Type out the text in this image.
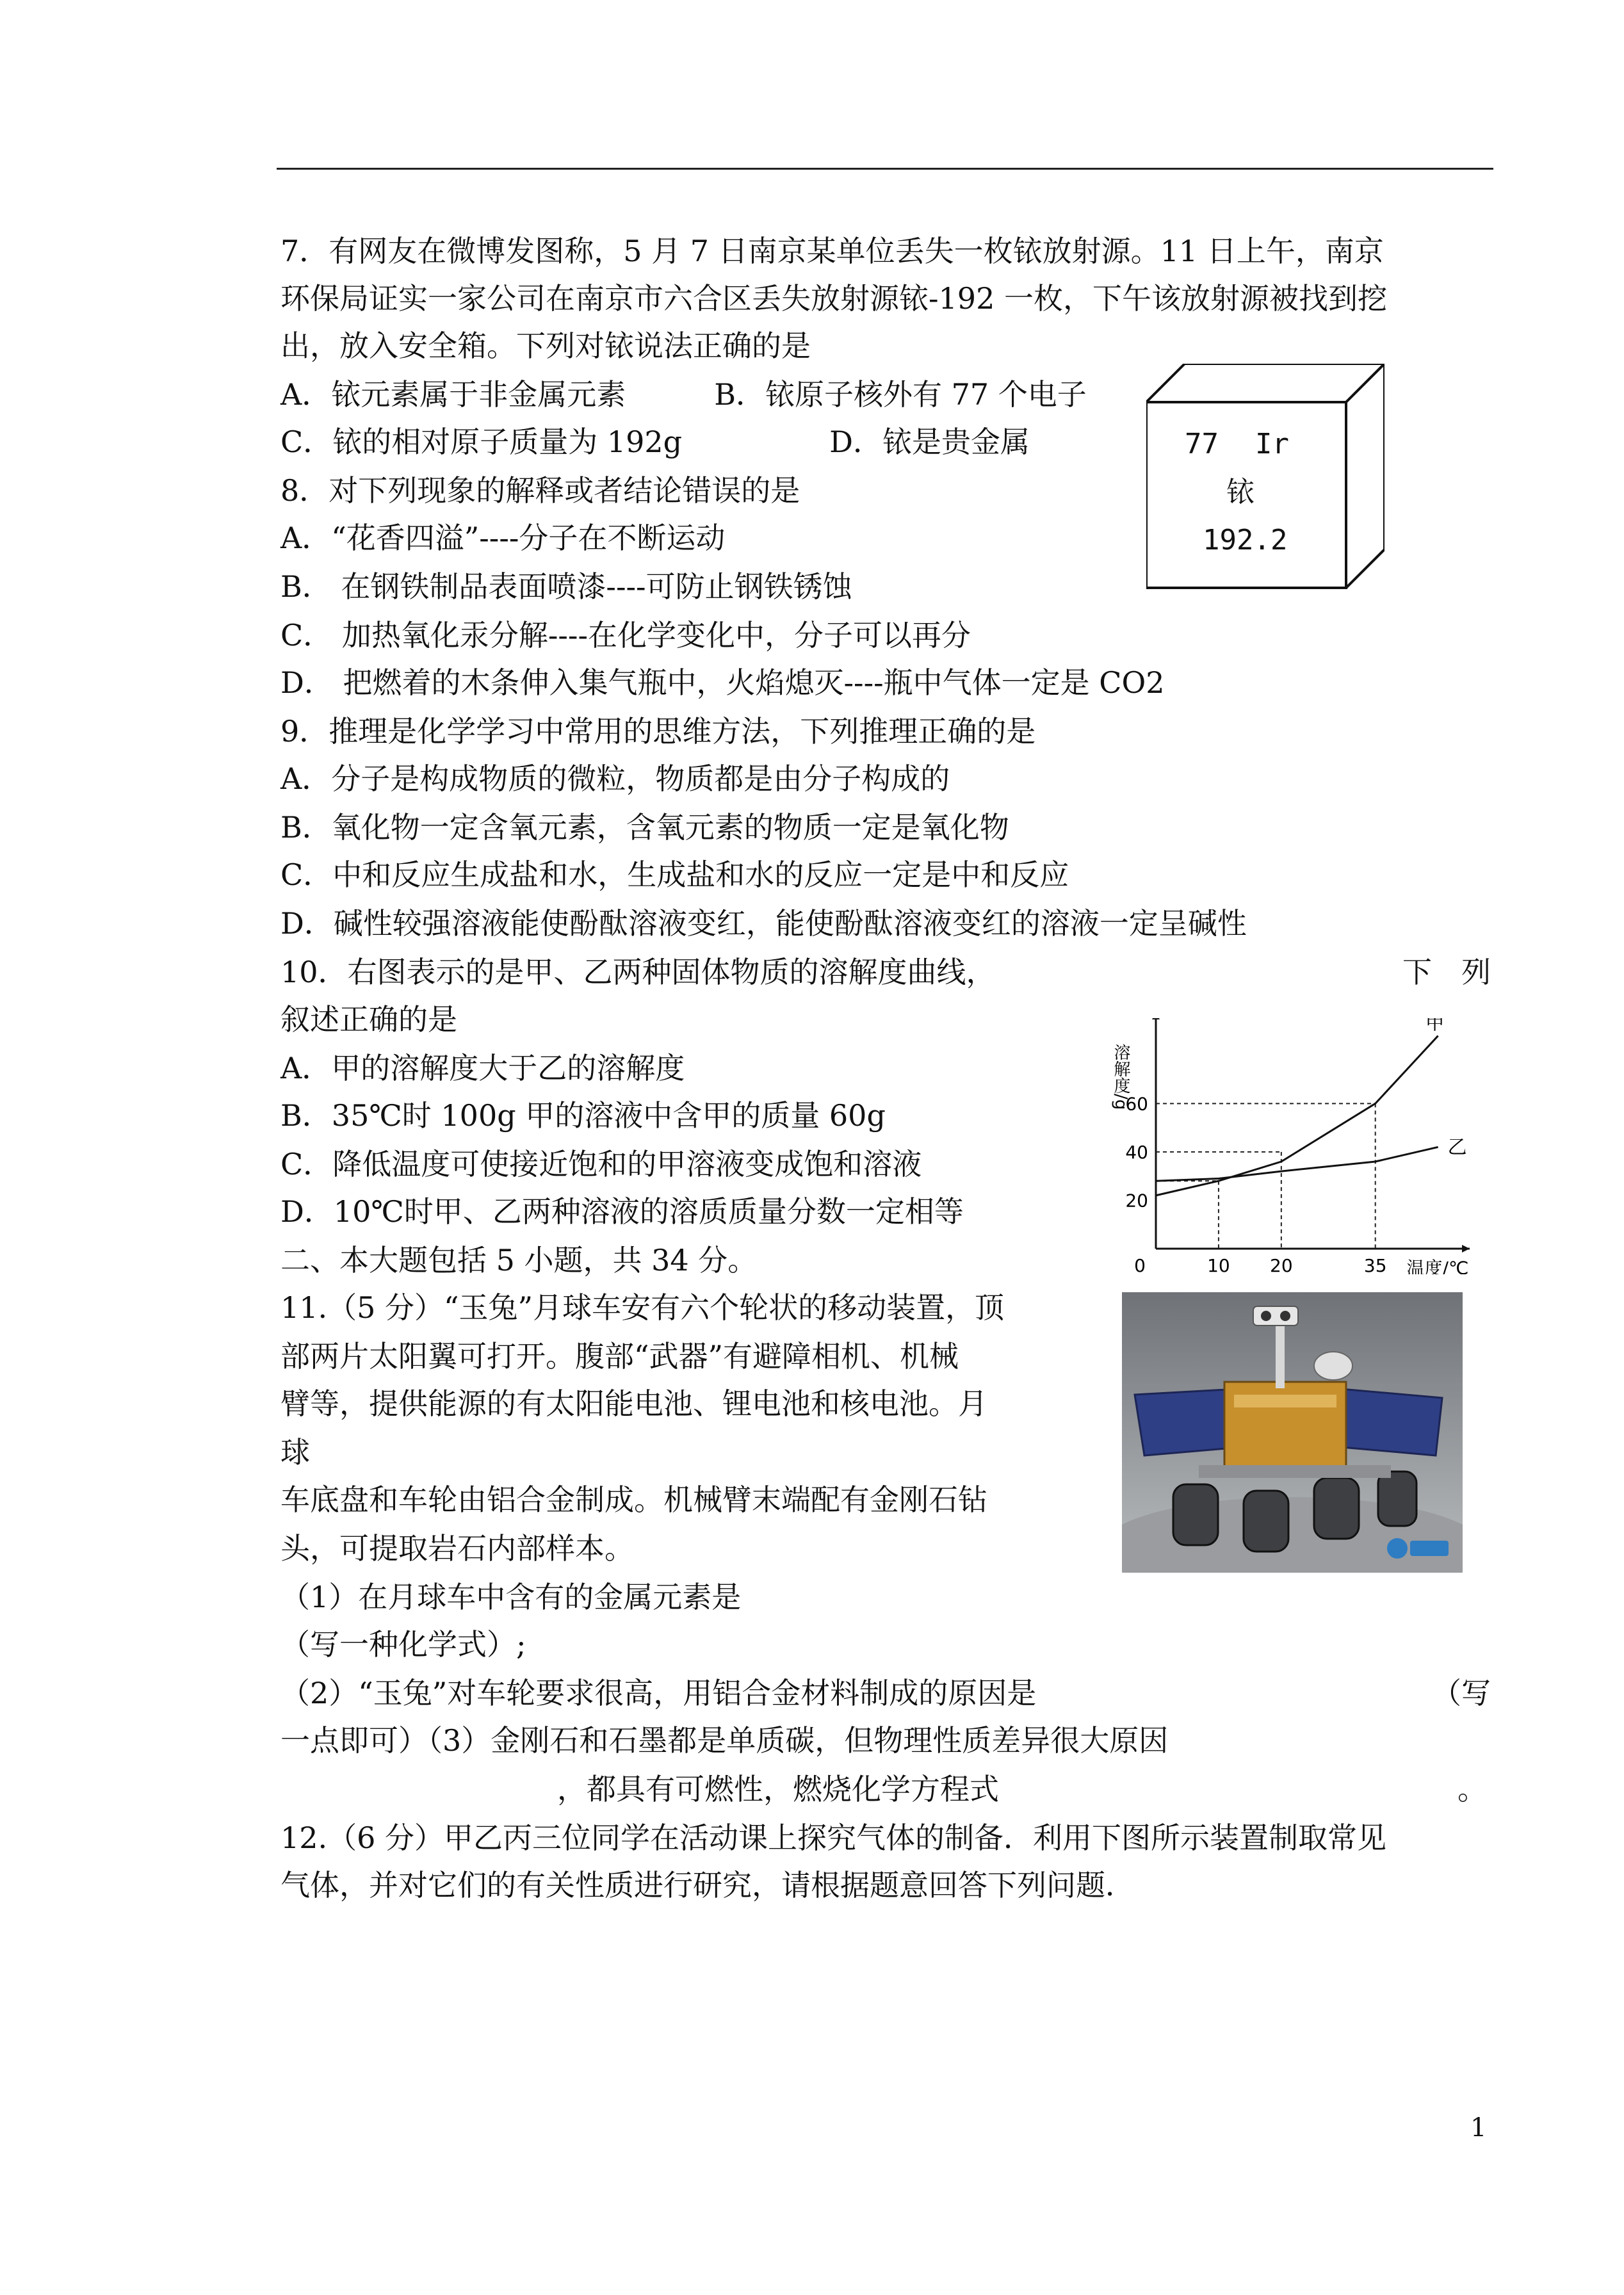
7．有网友在微博发图称，5 月 7 日南京某单位丢失一枚铱放射源。11 日上午，南京
环保局证实一家公司在南京市六合区丢失放射源铱-192 一枚，下午该放射源被找到挖
出，放入安全箱。下列对铱说法正确的是
A．铱元素属于非金属元素　　　B．铱原子核外有 77 个电子
C．铱的相对原子质量为 192g　　　　　D．铱是贵金属
8．对下列现象的解释或者结论错误的是
A．“花香四溢”----分子在不断运动
B． 在钢铁制品表面喷漆----可防止钢铁锈蚀
C． 加热氧化汞分解----在化学变化中，分子可以再分
D． 把燃着的木条伸入集气瓶中，火焰熄灭----瓶中气体一定是 CO2
9．推理是化学学习中常用的思维方法，下列推理正确的是
A．分子是构成物质的微粒，物质都是由分子构成的
B．氧化物一定含氧元素，含氧元素的物质一定是氧化物
C．中和反应生成盐和水，生成盐和水的反应一定是中和反应
D．碱性较强溶液能使酚酞溶液变红，能使酚酞溶液变红的溶液一定呈碱性
10．右图表示的是甲、乙两种固体物质的溶解度曲线，
叙述正确的是
A．甲的溶解度大于乙的溶解度
B．35℃时 100g 甲的溶液中含甲的质量 60g
C．降低温度可使接近饱和的甲溶液变成饱和溶液
D．10℃时甲、乙两种溶液的溶质质量分数一定相等
二、本大题包括 5 小题，共 34 分。
11.（5 分）“玉兔”月球车安有六个轮状的移动装置，顶
部两片太阳翼可打开。腹部“武器”有避障相机、机械
臂等，提供能源的有太阳能电池、锂电池和核电池。月
球
车底盘和车轮由铝合金制成。机械臂末端配有金刚石钻
头，可提取岩石内部样本。
（1）在月球车中含有的金属元素是
（写一种化学式）;
（2）“玉兔”对车轮要求很高，用铝合金材料制成的原因是
一点即可）（3）金刚石和石墨都是单质碳，但物理性质差异很大原因
，都具有可燃性，燃烧化学方程式
12.（6 分）甲乙丙三位同学在活动课上探究气体的制备．利用下图所示装置制取常见
气体，并对它们的有关性质进行研究，请根据题意回答下列问题．
下　列
（写
。
77 Ir
铱
192.2
甲
乙
10 20	35
20
40
60
0	温度/℃
溶解度/g
1
